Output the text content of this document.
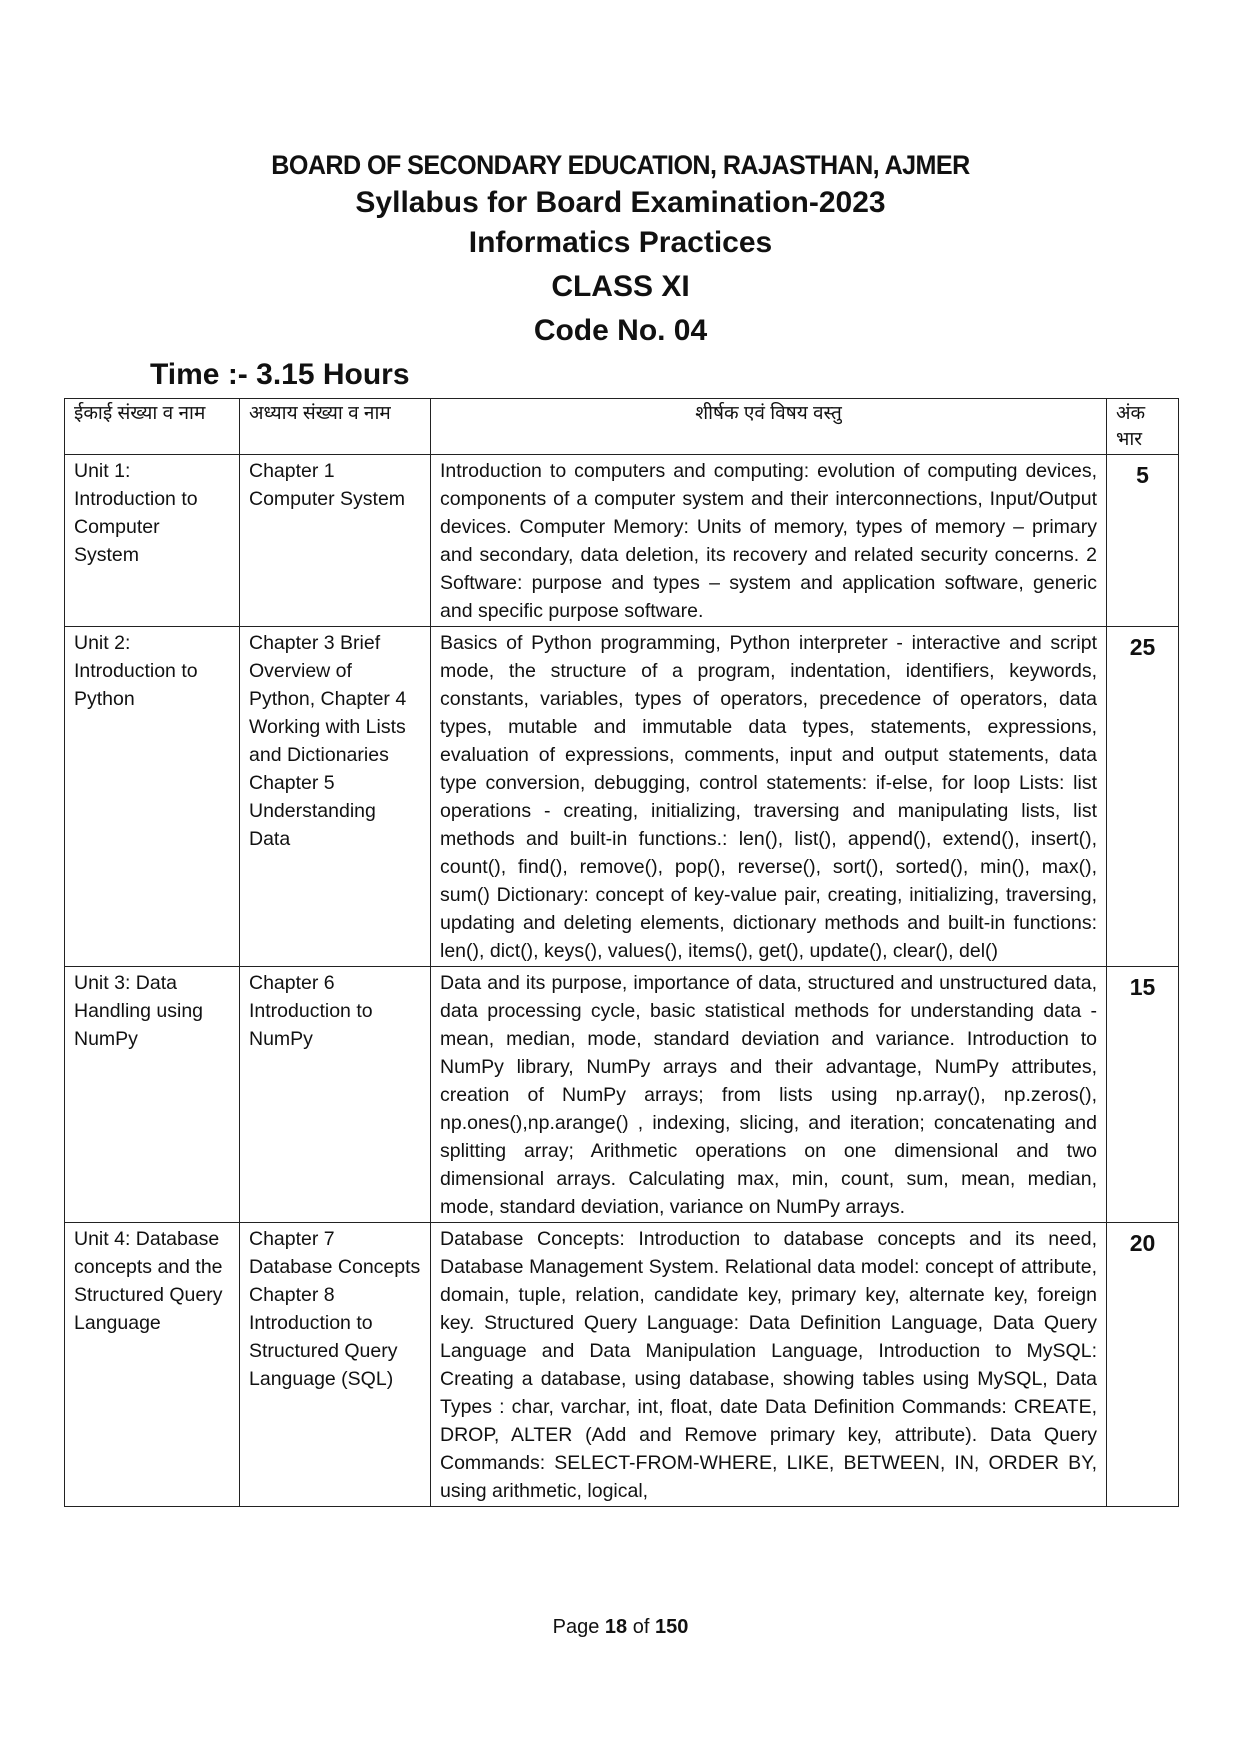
BOARD OF SECONDARY EDUCATION, RAJASTHAN, AJMER
Syllabus for Board Examination-2023
Informatics Practices
CLASS XI
Code No. 04
Time :- 3.15 Hours
ईकाई संख्या व नाम	अध्याय संख्या व नाम	शीर्षक एवं विषय वस्तु	अंक भार
Unit 1: Introduction to Computer System	Chapter 1 Computer System	Introduction to computers and computing: evolution of computing devices, components of a computer system and their interconnections, Input/Output devices. Computer Memory: Units of memory, types of memory – primary and secondary, data deletion, its recovery and related security concerns. 2 Software: purpose and types – system and application software, generic and specific purpose software.	5
Unit 2: Introduction to Python	Chapter 3 Brief Overview of Python, Chapter 4 Working with Lists and Dictionaries Chapter 5 Understanding Data	Basics of Python programming, Python interpreter - interactive and script mode, the structure of a program, indentation, identifiers, keywords, constants, variables, types of operators, precedence of operators, data types, mutable and immutable data types, statements, expressions, evaluation of expressions, comments, input and output statements, data type conversion, debugging, control statements: if-else, for loop Lists: list operations - creating, initializing, traversing and manipulating lists, list methods and built-in functions.: len(), list(), append(), extend(), insert(), count(), find(), remove(), pop(), reverse(), sort(), sorted(), min(), max(), sum() Dictionary: concept of key-value pair, creating, initializing, traversing, updating and deleting elements, dictionary methods and built-in functions: len(), dict(), keys(), values(), items(), get(), update(), clear(), del()	25
Unit 3: Data Handling using NumPy	Chapter 6 Introduction to NumPy	Data and its purpose, importance of data, structured and unstructured data, data processing cycle, basic statistical methods for understanding data - mean, median, mode, standard deviation and variance. Introduction to NumPy library, NumPy arrays and their advantage, NumPy attributes, creation of NumPy arrays; from lists using np.array(), np.zeros(), np.ones(),np.arange() , indexing, slicing, and iteration; concatenating and splitting array; Arithmetic operations on one dimensional and two dimensional arrays. Calculating max, min, count, sum, mean, median, mode, standard deviation, variance on NumPy arrays.	15
Unit 4: Database concepts and the Structured Query Language	Chapter 7 Database Concepts Chapter 8 Introduction to Structured Query Language (SQL)	Database Concepts: Introduction to database concepts and its need, Database Management System. Relational data model: concept of attribute, domain, tuple, relation, candidate key, primary key, alternate key, foreign key. Structured Query Language: Data Definition Language, Data Query Language and Data Manipulation Language, Introduction to MySQL: Creating a database, using database, showing tables using MySQL, Data Types : char, varchar, int, float, date Data Definition Commands: CREATE, DROP, ALTER (Add and Remove primary key, attribute). Data Query Commands: SELECT-FROM-WHERE, LIKE, BETWEEN, IN, ORDER BY, using arithmetic, logical,	20
Page 18 of 150
